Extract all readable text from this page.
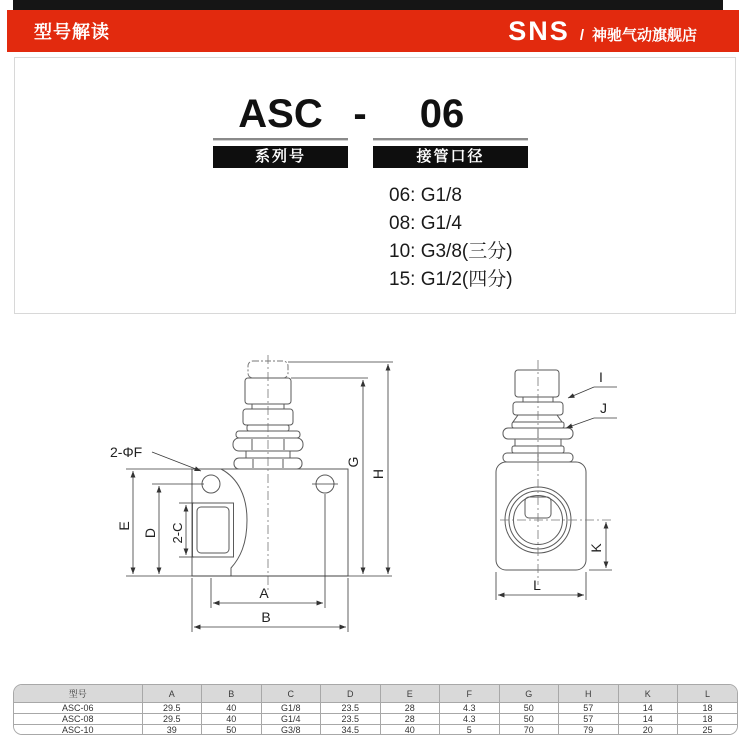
型号解读	SNS / 神驰气动旗舰店
ASC - 06
系列号	接管口径
06: G1/8
08: G1/4
10: G3/8(三分)
15: G1/2(四分)
E
D 2-C
A
B
G
H
2-ΦF
I
J
K
L
型号	A	B	C	D	E	F	G	H	K	L
ASC-06	29.5	40	G1/8	23.5	28	4.3	50	57	14	18
ASC-08	29.5	40	G1/4	23.5	28	4.3	50	57	14	18
ASC-10	39	50	G3/8	34.5	40	5	70	79	20	25
